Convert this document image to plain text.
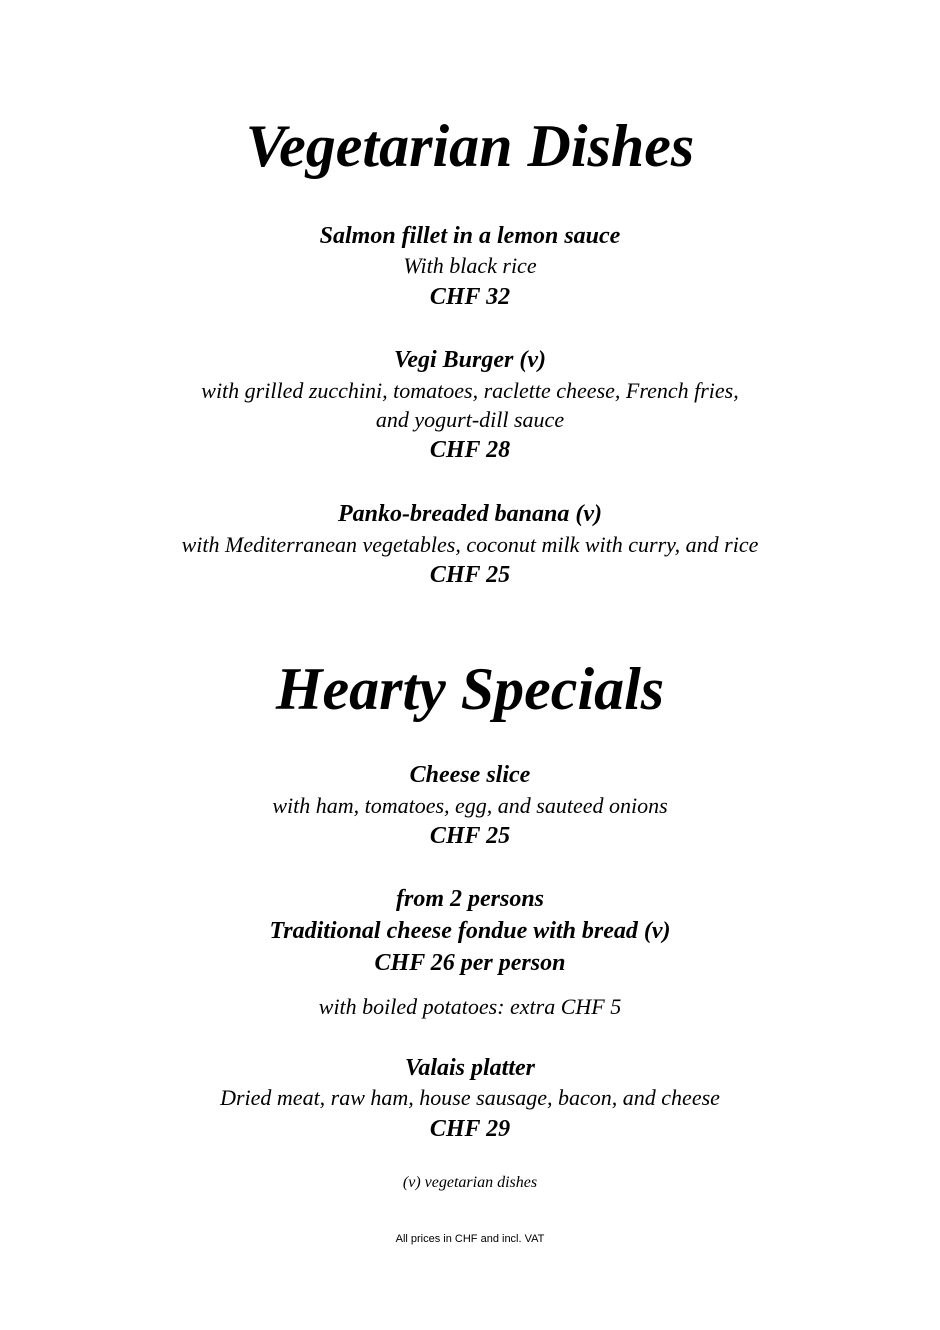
Vegetarian Dishes
Salmon fillet in a lemon sauce
With black rice
CHF 32
Vegi Burger (v)
with grilled zucchini, tomatoes, raclette cheese, French fries,
and yogurt-dill sauce
CHF 28
Panko-breaded banana (v)
with Mediterranean vegetables, coconut milk with curry, and rice
CHF 25
Hearty Specials
Cheese slice
with ham, tomatoes, egg, and sauteed onions
CHF 25
from 2 persons
Traditional cheese fondue with bread (v)
CHF 26 per person
with boiled potatoes: extra CHF 5
Valais platter
Dried meat, raw ham, house sausage, bacon, and cheese
CHF 29
(v) vegetarian dishes
All prices in CHF and incl. VAT
